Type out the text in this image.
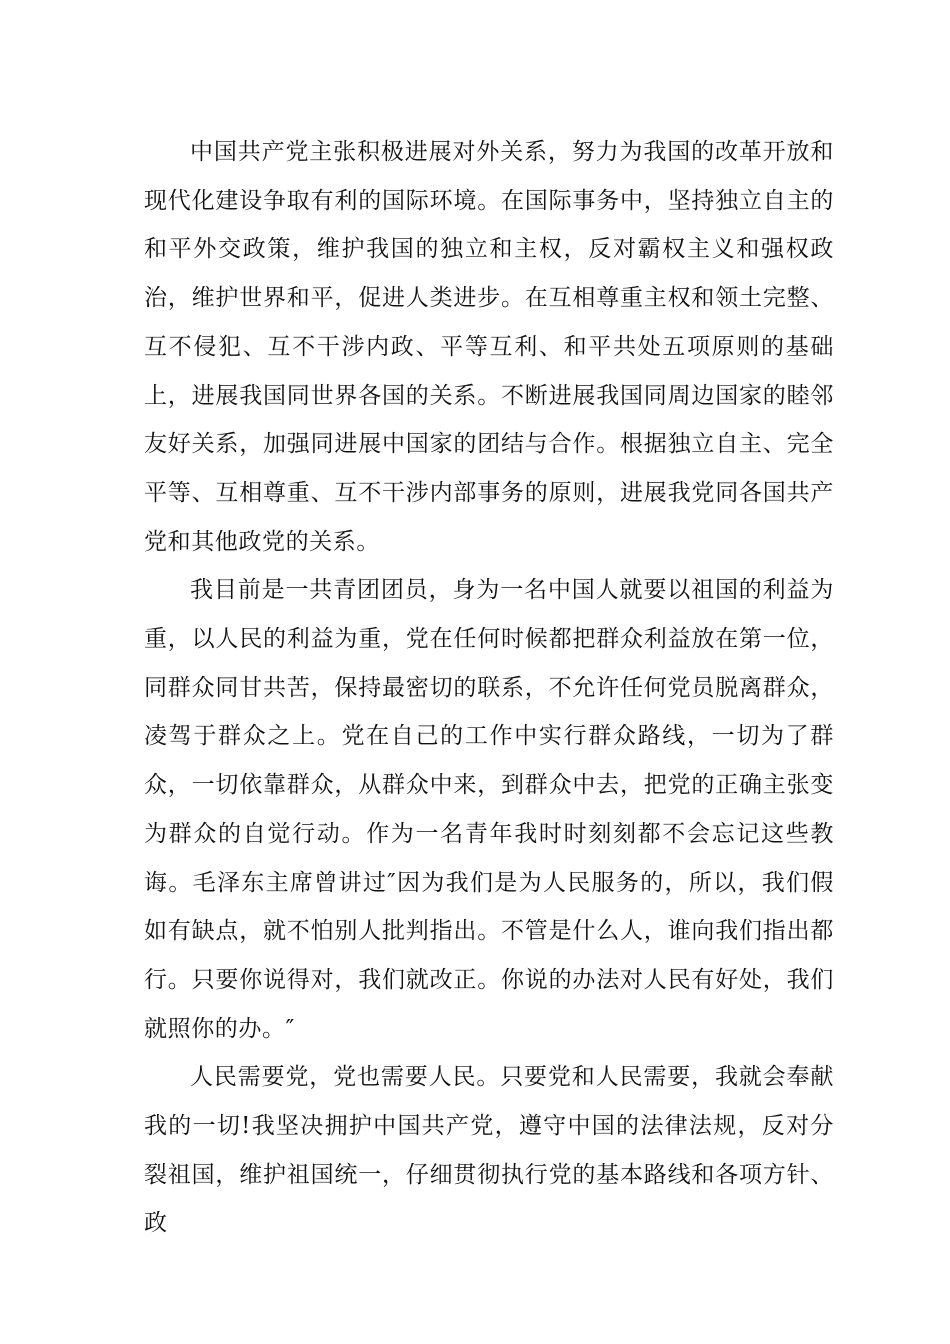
中国共产党主张积极进展对外关系，努力为我国的改革开放和现代化建设争取有利的国际环境。在国际事务中，坚持独立自主的和平外交政策，维护我国的独立和主权，反对霸权主义和强权政治，维护世界和平，促进人类进步。在互相尊重主权和领土完整、互不侵犯、互不干涉内政、平等互利、和平共处五项原则的基础上，进展我国同世界各国的关系。不断进展我国同周边国家的睦邻友好关系，加强同进展中国家的团结与合作。根据独立自主、完全平等、互相尊重、互不干涉内部事务的原则，进展我党同各国共产党和其他政党的关系。

我目前是一共青团团员，身为一名中国人就要以祖国的利益为重，以人民的利益为重，党在任何时候都把群众利益放在第一位，同群众同甘共苦，保持最密切的联系，不允许任何党员脱离群众，凌驾于群众之上。党在自己的工作中实行群众路线，一切为了群众，一切依靠群众，从群众中来，到群众中去，把党的正确主张变为群众的自觉行动。作为一名青年我时时刻刻都不会忘记这些教诲。毛泽东主席曾讲过″因为我们是为人民服务的，所以，我们假如有缺点，就不怕别人批判指出。不管是什么人，谁向我们指出都行。只要你说得对，我们就改正。你说的办法对人民有好处，我们就照你的办。″

人民需要党，党也需要人民。只要党和人民需要，我就会奉献我的一切!我坚决拥护中国共产党，遵守中国的法律法规，反对分裂祖国，维护祖国统一，仔细贯彻执行党的基本路线和各项方针、政
